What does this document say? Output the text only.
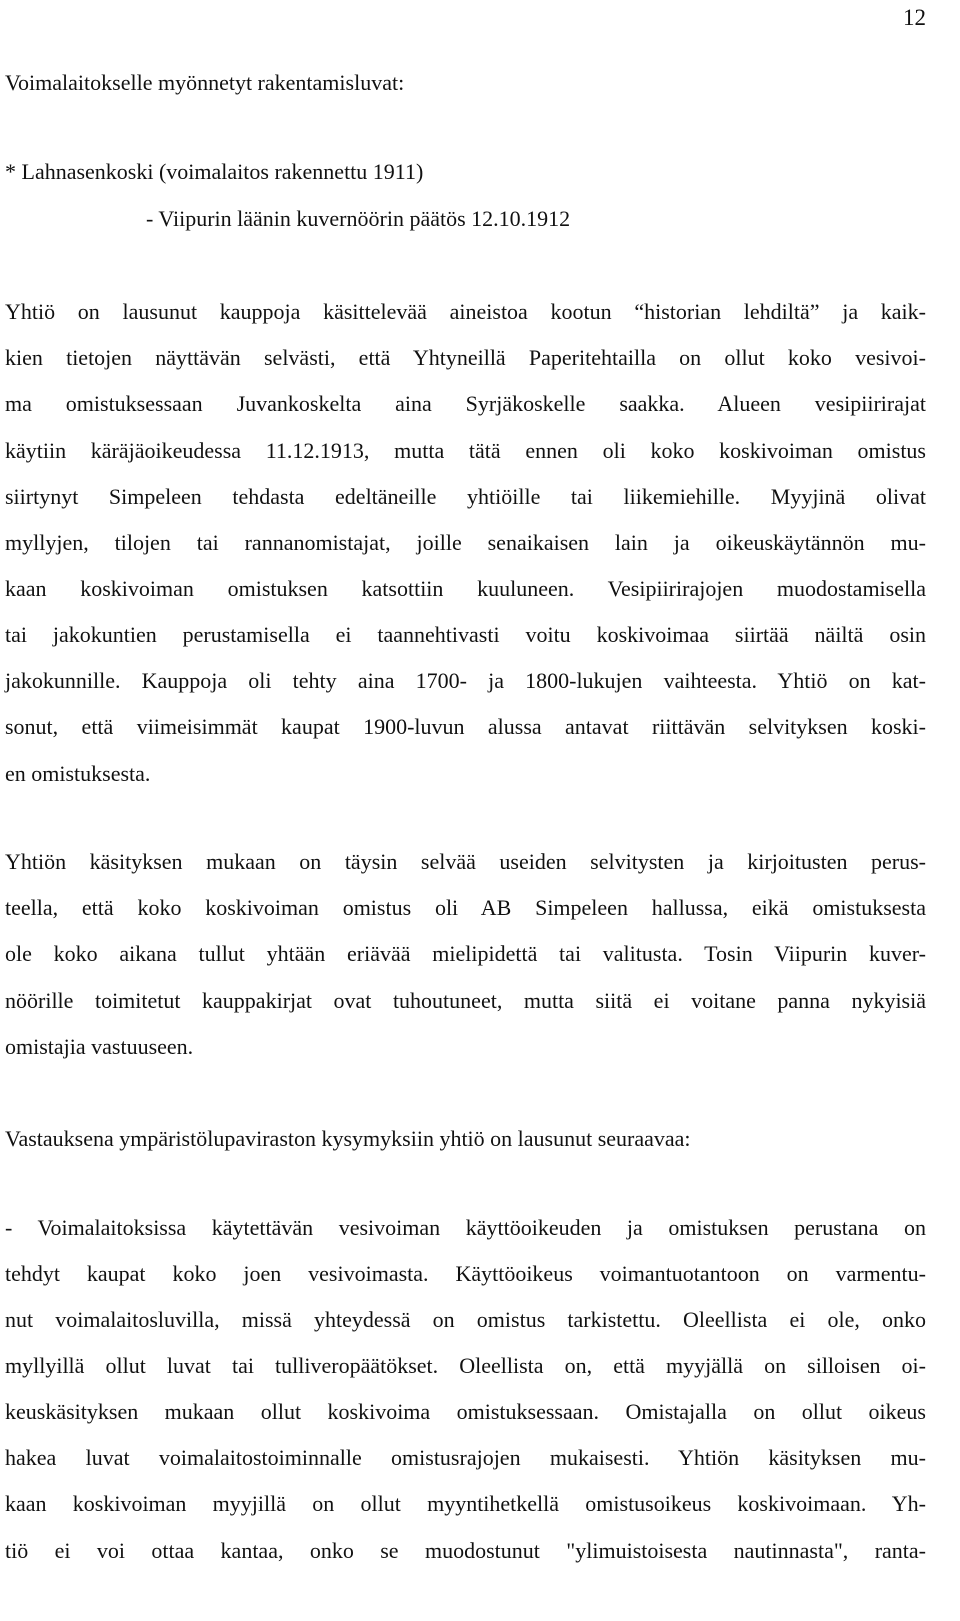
12

Voimalaitokselle myönnetyt rakentamisluvat:

* Lahnasenkoski (voimalaitos rakennettu 1911)

- Viipurin läänin kuvernöörin päätös 12.10.1912

Yhtiö on lausunut kauppoja käsittelevää aineistoa kootun “historian lehdiltä” ja kaik-

kien tietojen näyttävän selvästi, että Yhtyneillä Paperitehtailla on ollut koko vesivoi-

ma omistuksessaan Juvankoskelta aina Syrjäkoskelle saakka. Alueen vesipiirirajat

käytiin käräjäoikeudessa 11.12.1913, mutta tätä ennen oli koko koskivoiman omistus

siirtynyt Simpeleen tehdasta edeltäneille yhtiöille tai liikemiehille. Myyjinä olivat

myllyjen, tilojen tai rannanomistajat, joille senaikaisen lain ja oikeuskäytännön mu-

kaan koskivoiman omistuksen katsottiin kuuluneen. Vesipiirirajojen muodostamisella

tai jakokuntien perustamisella ei taannehtivasti voitu koskivoimaa siirtää näiltä osin

jakokunnille. Kauppoja oli tehty aina 1700- ja 1800-lukujen vaihteesta. Yhtiö on kat-

sonut, että viimeisimmät kaupat 1900-luvun alussa antavat riittävän selvityksen koski-

en omistuksesta.

Yhtiön käsityksen mukaan on täysin selvää useiden selvitysten ja kirjoitusten perus-

teella, että koko koskivoiman omistus oli AB Simpeleen hallussa, eikä omistuksesta

ole koko aikana tullut yhtään eriävää mielipidettä tai valitusta. Tosin Viipurin kuver-

nöörille toimitetut kauppakirjat ovat tuhoutuneet, mutta siitä ei voitane panna nykyisiä

omistajia vastuuseen.

Vastauksena ympäristölupaviraston kysymyksiin yhtiö on lausunut seuraavaa:

- Voimalaitoksissa käytettävän vesivoiman käyttöoikeuden ja omistuksen perustana on

tehdyt kaupat koko joen vesivoimasta. Käyttöoikeus voimantuotantoon on varmentu-

nut voimalaitosluvilla, missä yhteydessä on omistus tarkistettu. Oleellista ei ole, onko

myllyillä ollut luvat tai tulliveropäätökset. Oleellista on, että myyjällä on silloisen oi-

keuskäsityksen mukaan ollut koskivoima omistuksessaan. Omistajalla on ollut oikeus

hakea luvat voimalaitostoiminnalle omistusrajojen mukaisesti. Yhtiön käsityksen mu-

kaan koskivoiman myyjillä on ollut myyntihetkellä omistusoikeus koskivoimaan. Yh-

tiö ei voi ottaa kantaa, onko se muodostunut "ylimuistoisesta nautinnasta", ranta-
